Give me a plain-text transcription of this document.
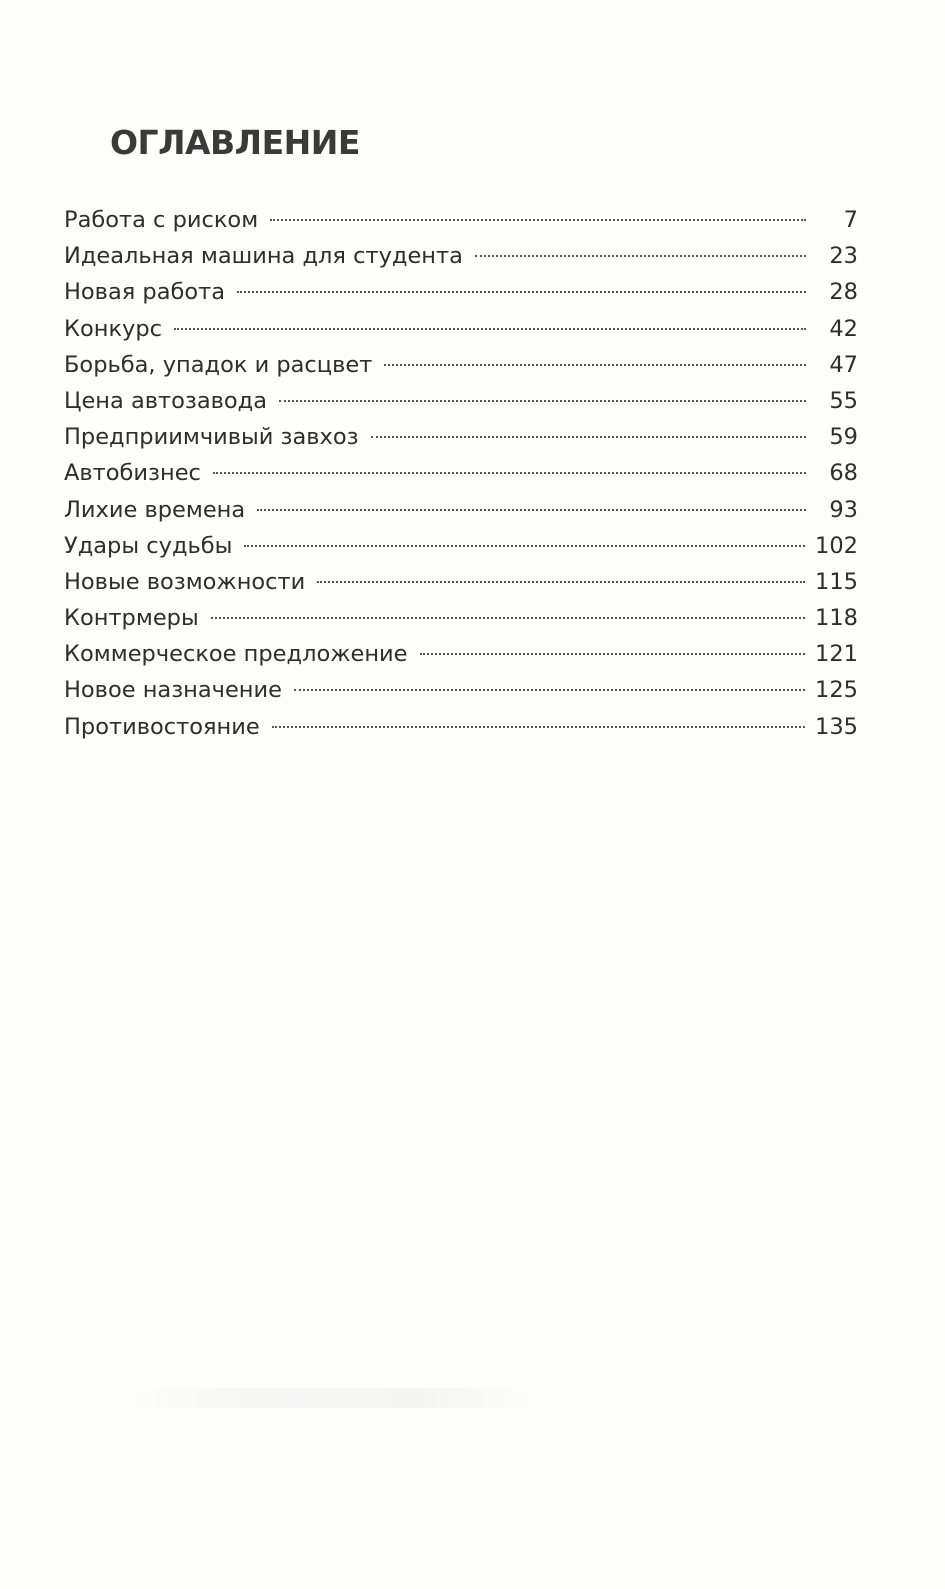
ОГЛАВЛЕНИЕ
Работа с риском	7
Идеальная машина для студента	23
Новая работа	28
Конкурс	42
Борьба, упадок и расцвет	47
Цена автозавода	55
Предприимчивый завхоз	59
Автобизнес	68
Лихие времена	93
Удары судьбы	102
Новые возможности	115
Контрмеры	118
Коммерческое предложение	121
Новое назначение	125
Противостояние	135
